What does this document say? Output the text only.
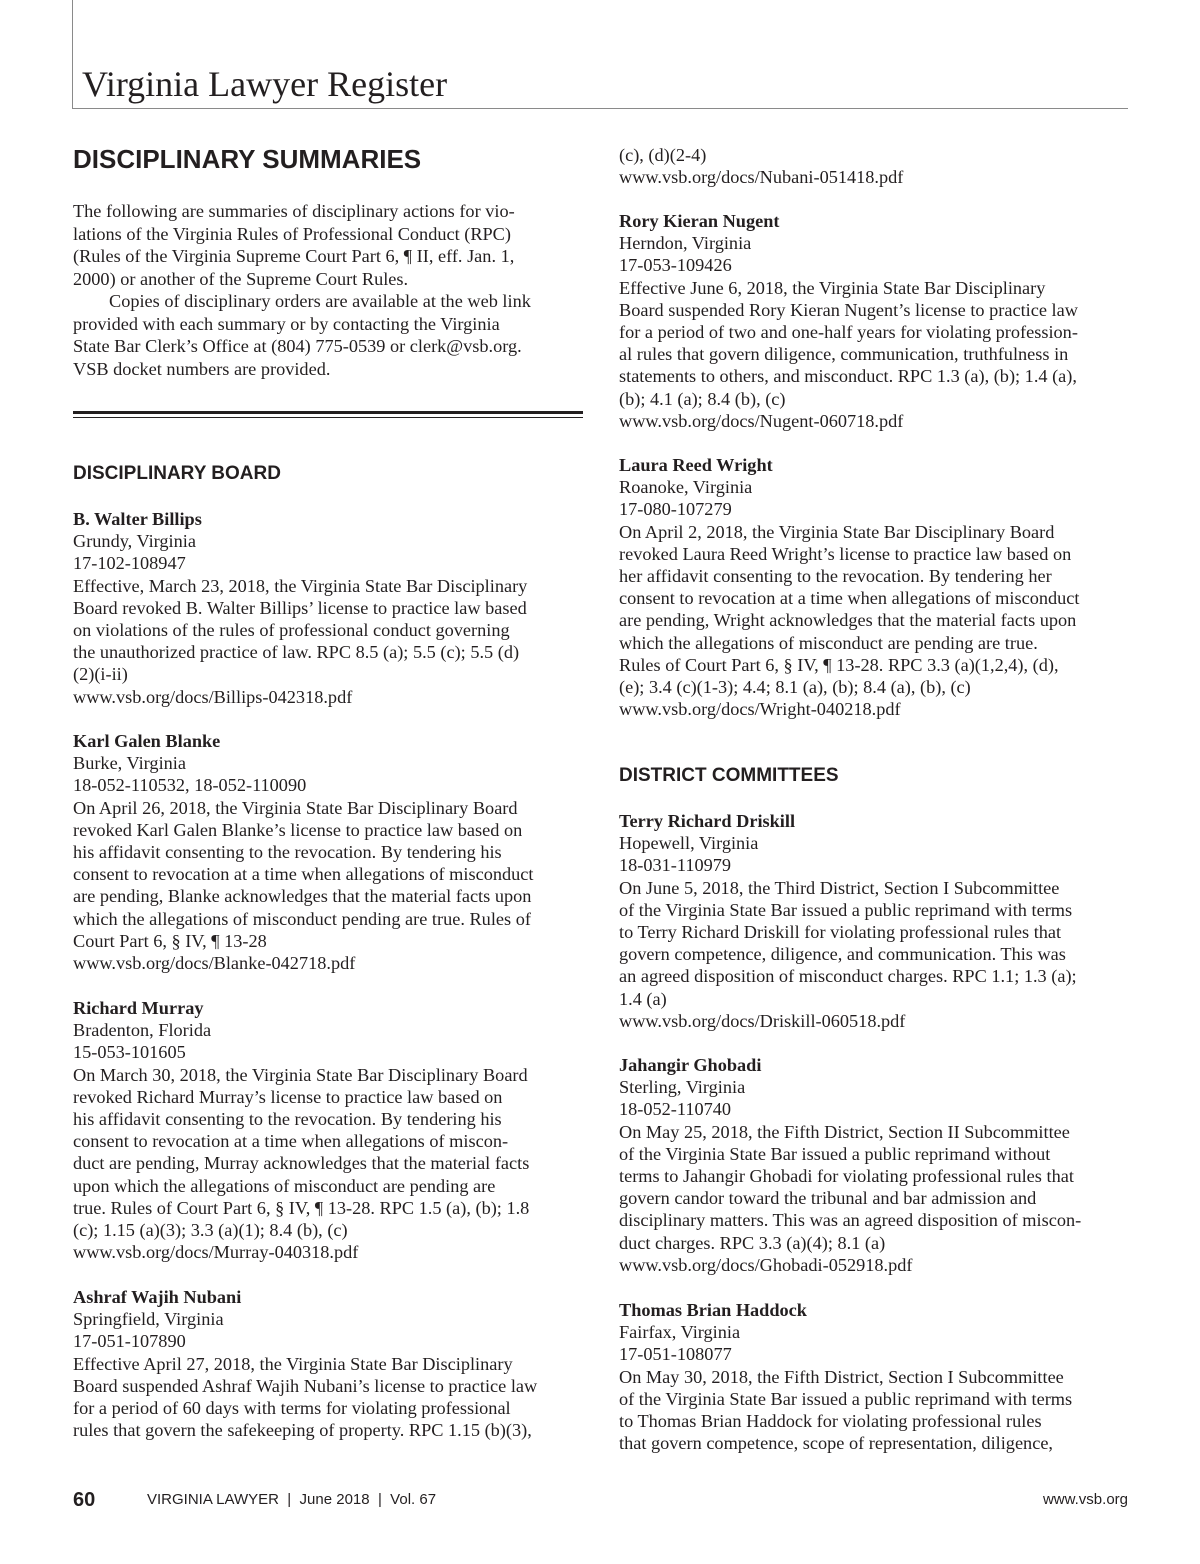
Virginia Lawyer Register
DISCIPLINARY SUMMARIES

The following are summaries of disciplinary actions for vio-
lations of the Virginia Rules of Professional Conduct (RPC)
(Rules of the Virginia Supreme Court Part 6, ¶ II, eff. Jan. 1,
2000) or another of the Supreme Court Rules.

Copies of disciplinary orders are available at the web link
provided with each summary or by contacting the Virginia
State Bar Clerk’s Office at (804) 775-0539 or clerk@vsb.org.
VSB docket numbers are provided.

DISCIPLINARY BOARD
B. Walter Billips
Grundy, Virginia
17-102-108947
Effective, March 23, 2018, the Virginia State Bar Disciplinary
Board revoked B. Walter Billips’ license to practice law based
on violations of the rules of professional conduct governing
the unauthorized practice of law. RPC 8.5 (a); 5.5 (c); 5.5 (d)
(2)(i-ii)
www.vsb.org/docs/Billips-042318.pdf
Karl Galen Blanke
Burke, Virginia
18-052-110532, 18-052-110090
On April 26, 2018, the Virginia State Bar Disciplinary Board
revoked Karl Galen Blanke’s license to practice law based on
his affidavit consenting to the revocation. By tendering his
consent to revocation at a time when allegations of misconduct
are pending, Blanke acknowledges that the material facts upon
which the allegations of misconduct pending are true. Rules of
Court Part 6, § IV, ¶ 13-28
www.vsb.org/docs/Blanke-042718.pdf
Richard Murray
Bradenton, Florida
15-053-101605
On March 30, 2018, the Virginia State Bar Disciplinary Board
revoked Richard Murray’s license to practice law based on
his affidavit consenting to the revocation. By tendering his
consent to revocation at a time when allegations of miscon-
duct are pending, Murray acknowledges that the material facts
upon which the allegations of misconduct are pending are
true. Rules of Court Part 6, § IV, ¶ 13-28. RPC 1.5 (a), (b); 1.8
(c); 1.15 (a)(3); 3.3 (a)(1); 8.4 (b), (c)
www.vsb.org/docs/Murray-040318.pdf
Ashraf Wajih Nubani
Springfield, Virginia
17-051-107890
Effective April 27, 2018, the Virginia State Bar Disciplinary
Board suspended Ashraf Wajih Nubani’s license to practice law
for a period of 60 days with terms for violating professional
rules that govern the safekeeping of property. RPC 1.15 (b)(3),
(c), (d)(2-4)
www.vsb.org/docs/Nubani-051418.pdf
Rory Kieran Nugent
Herndon, Virginia
17-053-109426
Effective June 6, 2018, the Virginia State Bar Disciplinary
Board suspended Rory Kieran Nugent’s license to practice law
for a period of two and one-half years for violating profession-
al rules that govern diligence, communication, truthfulness in
statements to others, and misconduct. RPC 1.3 (a), (b); 1.4 (a),
(b); 4.1 (a); 8.4 (b), (c)
www.vsb.org/docs/Nugent-060718.pdf
Laura Reed Wright
Roanoke, Virginia
17-080-107279
On April 2, 2018, the Virginia State Bar Disciplinary Board
revoked Laura Reed Wright’s license to practice law based on
her affidavit consenting to the revocation. By tendering her
consent to revocation at a time when allegations of misconduct
are pending, Wright acknowledges that the material facts upon
which the allegations of misconduct are pending are true.
Rules of Court Part 6, § IV, ¶ 13-28. RPC 3.3 (a)(1,2,4), (d),
(e); 3.4 (c)(1-3); 4.4; 8.1 (a), (b); 8.4 (a), (b), (c)
www.vsb.org/docs/Wright-040218.pdf
DISTRICT COMMITTEES
Terry Richard Driskill
Hopewell, Virginia
18-031-110979
On June 5, 2018, the Third District, Section I Subcommittee
of the Virginia State Bar issued a public reprimand with terms
to Terry Richard Driskill for violating professional rules that
govern competence, diligence, and communication. This was
an agreed disposition of misconduct charges. RPC 1.1; 1.3 (a);
1.4 (a)
www.vsb.org/docs/Driskill-060518.pdf
Jahangir Ghobadi
Sterling, Virginia
18-052-110740
On May 25, 2018, the Fifth District, Section II Subcommittee
of the Virginia State Bar issued a public reprimand without
terms to Jahangir Ghobadi for violating professional rules that
govern candor toward the tribunal and bar admission and
disciplinary matters. This was an agreed disposition of miscon-
duct charges. RPC 3.3 (a)(4); 8.1 (a)
www.vsb.org/docs/Ghobadi-052918.pdf
Thomas Brian Haddock
Fairfax, Virginia
17-051-108077
On May 30, 2018, the Fifth District, Section I Subcommittee
of the Virginia State Bar issued a public reprimand with terms
to Thomas Brian Haddock for violating professional rules
that govern competence, scope of representation, diligence,
60	VIRGINIA LAWYER  |  June 2018  |  Vol. 67	www.vsb.org
